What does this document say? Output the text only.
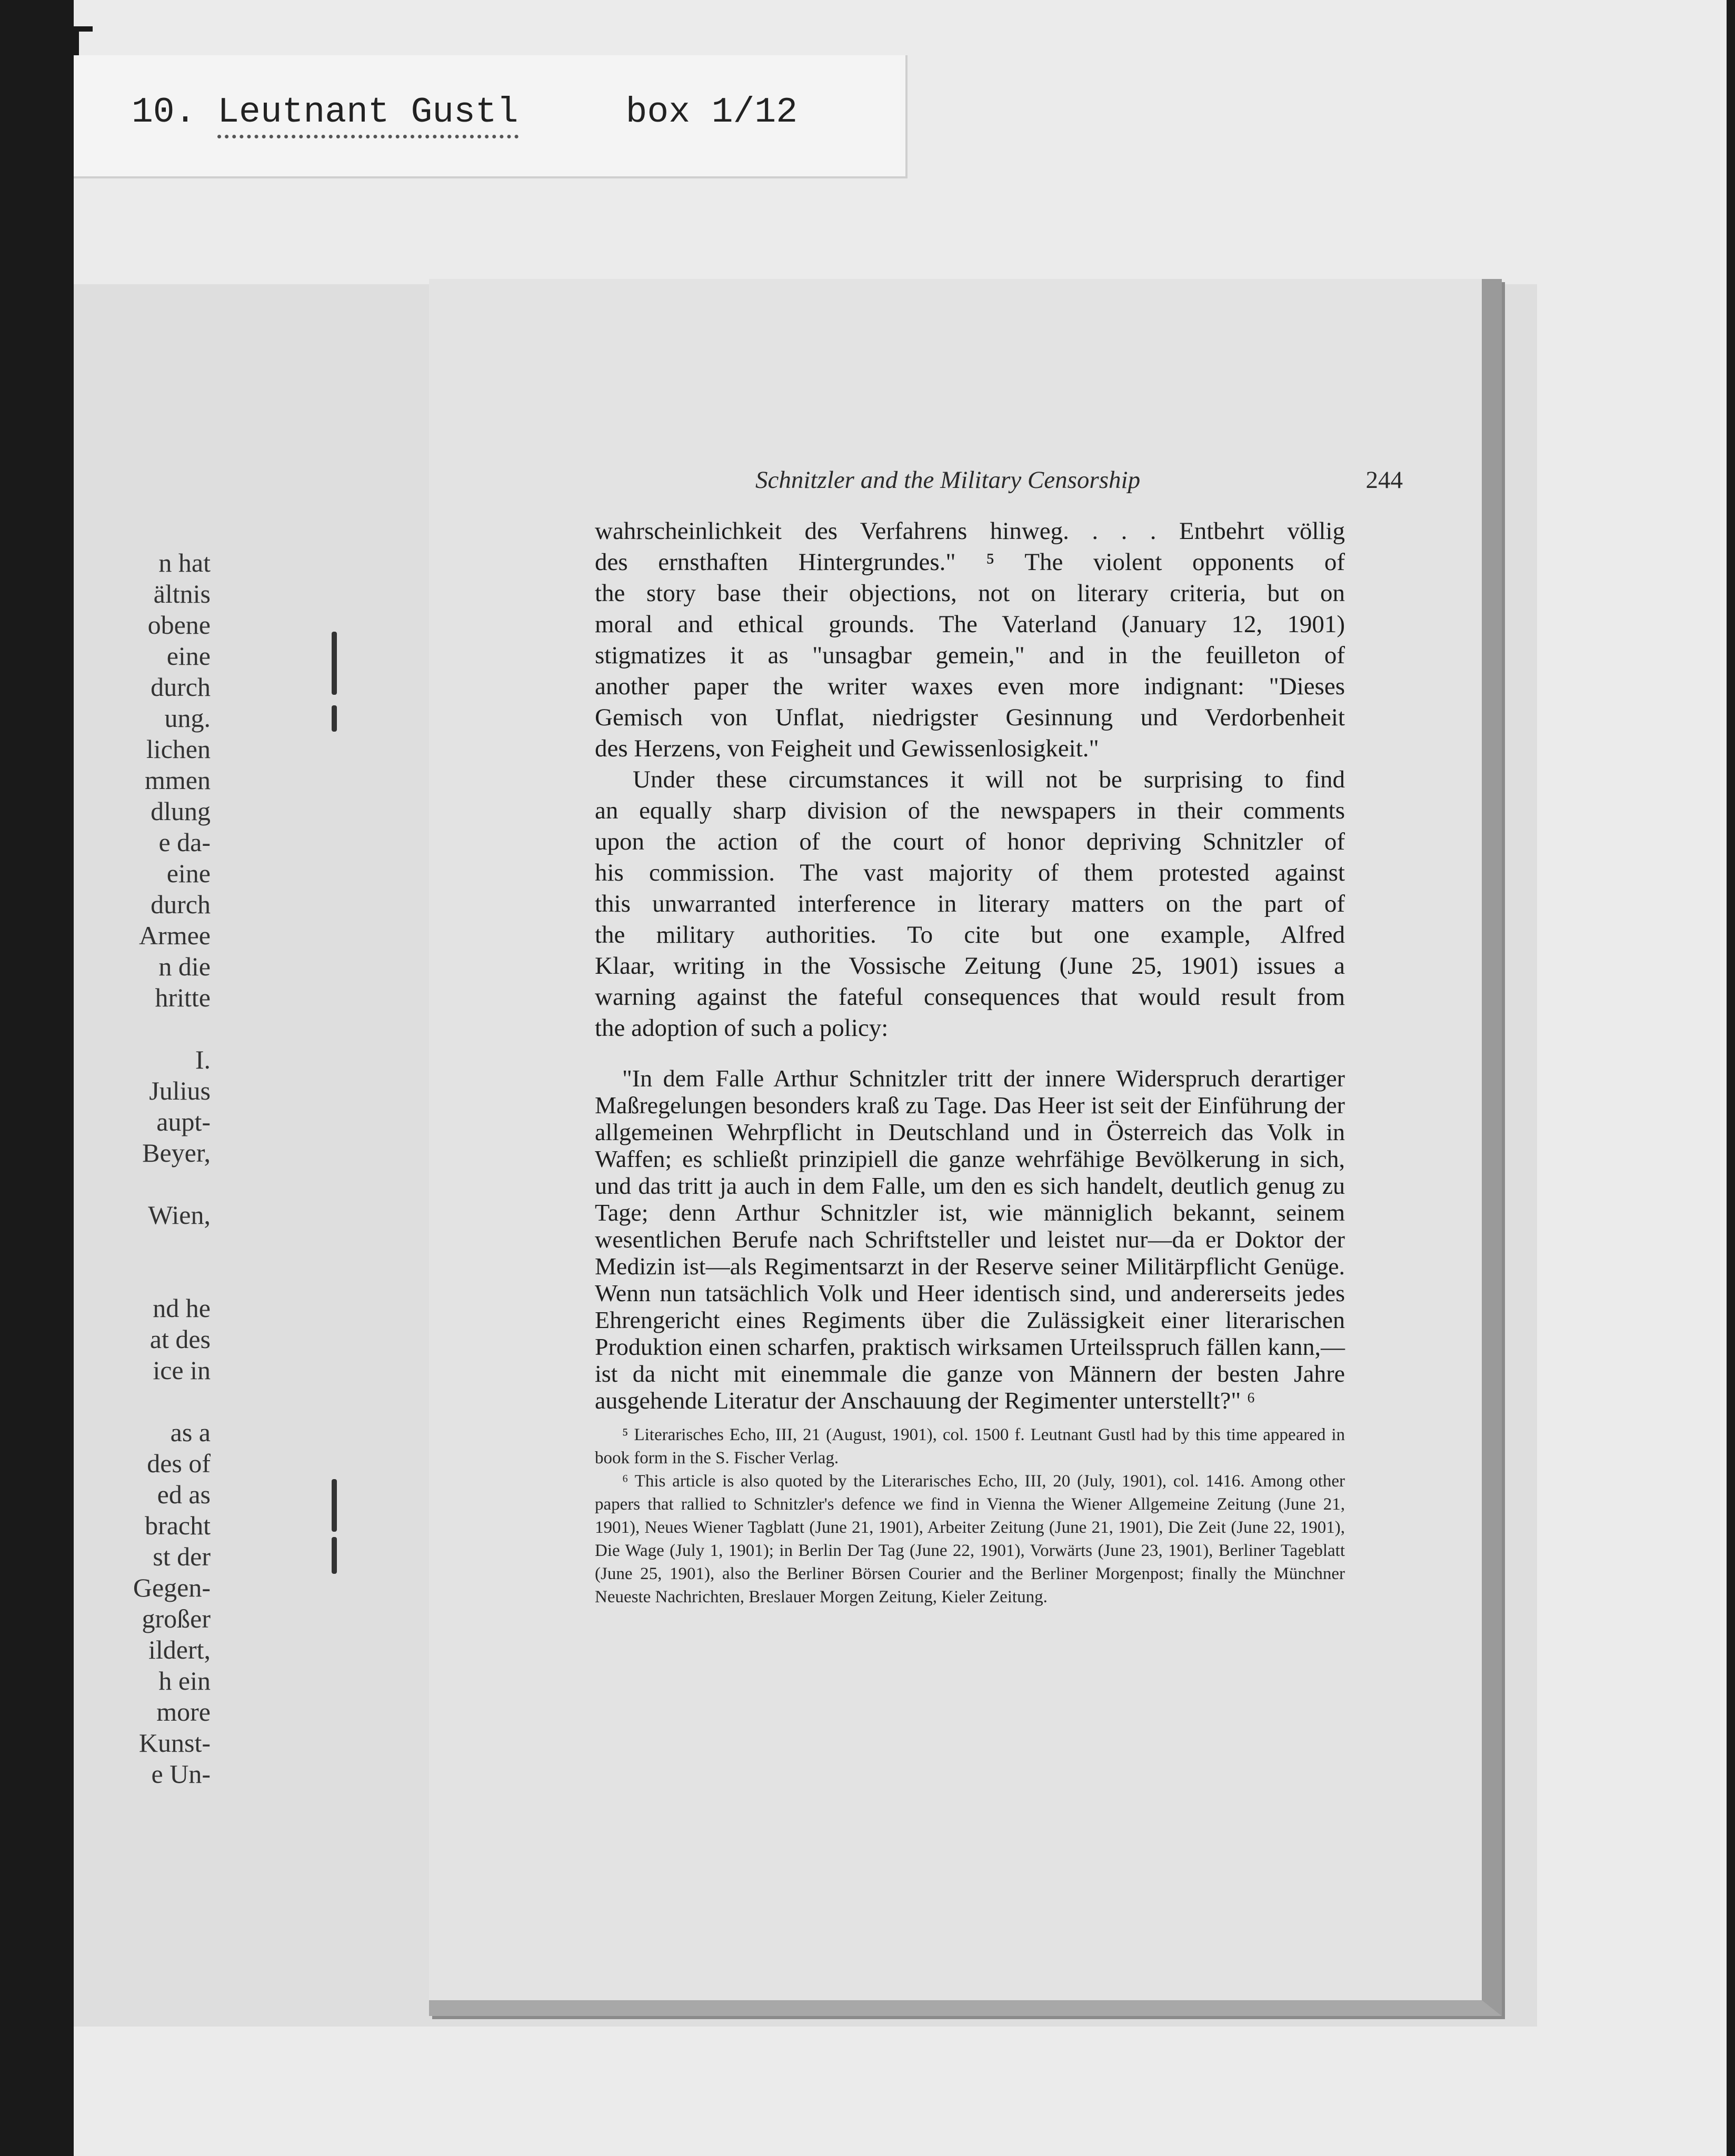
10. Leutnant Gustl	box 1/12
n hat
ältnis
obene
eine
durch
ung.
lichen
mmen
dlung
e da-
eine
durch
Armee
n die
hritte
I.
Julius
aupt-
Beyer,
Wien,
nd he
at des
ice in
as a
des of
ed as
bracht
st der
Gegen-
großer
ildert,
h ein
more
Kunst-
e Un-
Schnitzler and the Military Censorship	244

wahrscheinlichkeit des Verfahrens hinweg. . . . Entbehrt völlig

des ernsthaften Hintergrundes." ⁵ The violent opponents of

the story base their objections, not on literary criteria, but on

moral and ethical grounds. The Vaterland (January 12, 1901)

stigmatizes it as "unsagbar gemein," and in the feuilleton of

another paper the writer waxes even more indignant: "Dieses

Gemisch von Unflat, niedrigster Gesinnung und Verdorbenheit

des Herzens, von Feigheit und Gewissenlosigkeit."

Under these circumstances it will not be surprising to find

an equally sharp division of the newspapers in their comments

upon the action of the court of honor depriving Schnitzler of

his commission. The vast majority of them protested against

this unwarranted interference in literary matters on the part of

the military authorities. To cite but one example, Alfred

Klaar, writing in the Vossische Zeitung (June 25, 1901) issues a

warning against the fateful consequences that would result from

the adoption of such a policy:

"In dem Falle Arthur Schnitzler tritt der innere Widerspruch derartiger Maßregelungen besonders kraß zu Tage. Das Heer ist seit der Einführung der allgemeinen Wehrpflicht in Deutschland und in Österreich das Volk in Waffen; es schließt prinzipiell die ganze wehrfähige Bevölkerung in sich, und das tritt ja auch in dem Falle, um den es sich handelt, deutlich genug zu Tage; denn Arthur Schnitzler ist, wie männiglich bekannt, seinem wesentlichen Berufe nach Schriftsteller und leistet nur—da er Doktor der Medizin ist—als Regimentsarzt in der Reserve seiner Militärpflicht Genüge. Wenn nun tatsächlich Volk und Heer identisch sind, und andererseits jedes Ehrengericht eines Regiments über die Zulässigkeit einer literarischen Produktion einen scharfen, praktisch wirksamen Urteilsspruch fällen kann,—ist da nicht mit einemmale die ganze von Männern der besten Jahre ausgehende Literatur der Anschauung der Regimenter unterstellt?" ⁶

⁵ Literarisches Echo, III, 21 (August, 1901), col. 1500 f. Leutnant Gustl had by this time appeared in book form in the S. Fischer Verlag.

⁶ This article is also quoted by the Literarisches Echo, III, 20 (July, 1901), col. 1416. Among other papers that rallied to Schnitzler's defence we find in Vienna the Wiener Allgemeine Zeitung (June 21, 1901), Neues Wiener Tagblatt (June 21, 1901), Arbeiter Zeitung (June 21, 1901), Die Zeit (June 22, 1901), Die Wage (July 1, 1901); in Berlin Der Tag (June 22, 1901), Vorwärts (June 23, 1901), Berliner Tageblatt (June 25, 1901), also the Berliner Börsen Courier and the Berliner Morgenpost; finally the Münchner Neueste Nachrichten, Breslauer Morgen Zeitung, Kieler Zeitung.
